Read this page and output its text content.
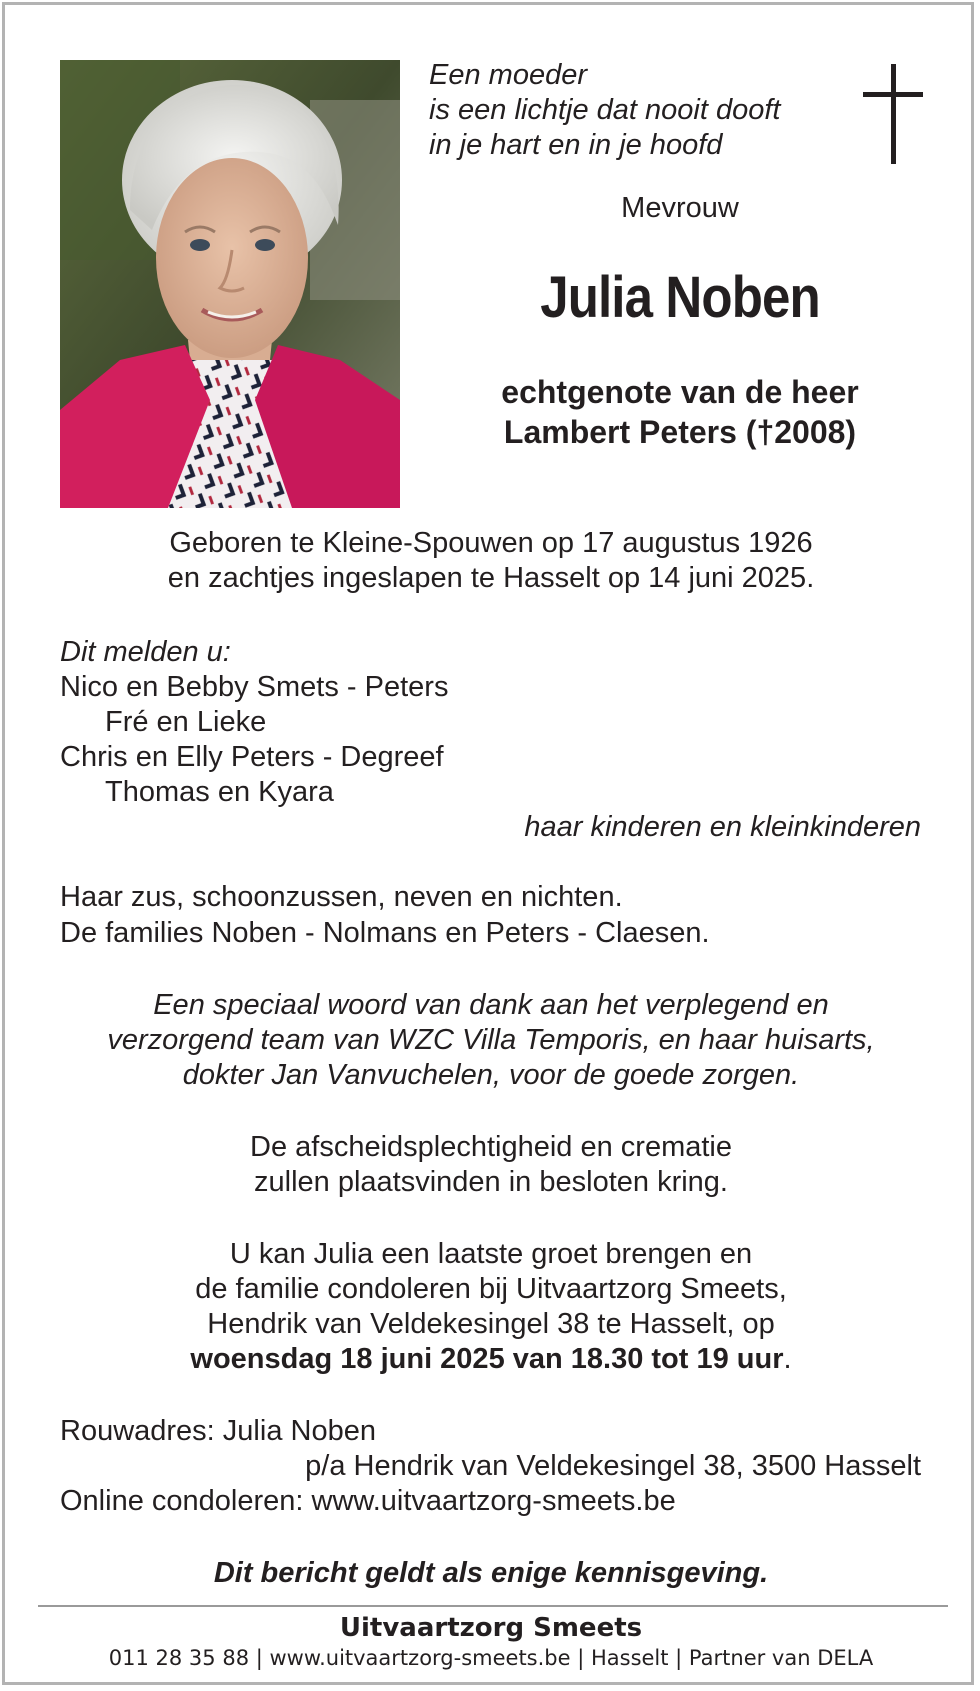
Een moeder
is een lichtje dat nooit dooft
in je hart en in je hoofd
Mevrouw
Julia Noben
echtgenote van de heer
Lambert Peters (†2008)
Geboren te Kleine-Spouwen op 17 augustus 1926
en zachtjes ingeslapen te Hasselt op 14 juni 2025.
Dit melden u:
Nico en Bebby Smets - Peters
Fré en Lieke
Chris en Elly Peters - Degreef
Thomas en Kyara
haar kinderen en kleinkinderen
Haar zus, schoonzussen, neven en nichten.
De families Noben - Nolmans en Peters - Claesen.
Een speciaal woord van dank aan het verplegend en
verzorgend team van WZC Villa Temporis, en haar huisarts,
dokter Jan Vanvuchelen, voor de goede zorgen.
De afscheidsplechtigheid en crematie
zullen plaatsvinden in besloten kring.
U kan Julia een laatste groet brengen en
de familie condoleren bij Uitvaartzorg Smeets,
Hendrik van Veldekesingel 38 te Hasselt, op
woensdag 18 juni 2025 van 18.30 tot 19 uur.
Rouwadres: Julia Noben
p/a Hendrik van Veldekesingel 38, 3500 Hasselt
Online condoleren: www.uitvaartzorg-smeets.be
Dit bericht geldt als enige kennisgeving.
Uitvaartzorg Smeets
011 28 35 88 | www.uitvaartzorg-smeets.be | Hasselt | Partner van DELA
